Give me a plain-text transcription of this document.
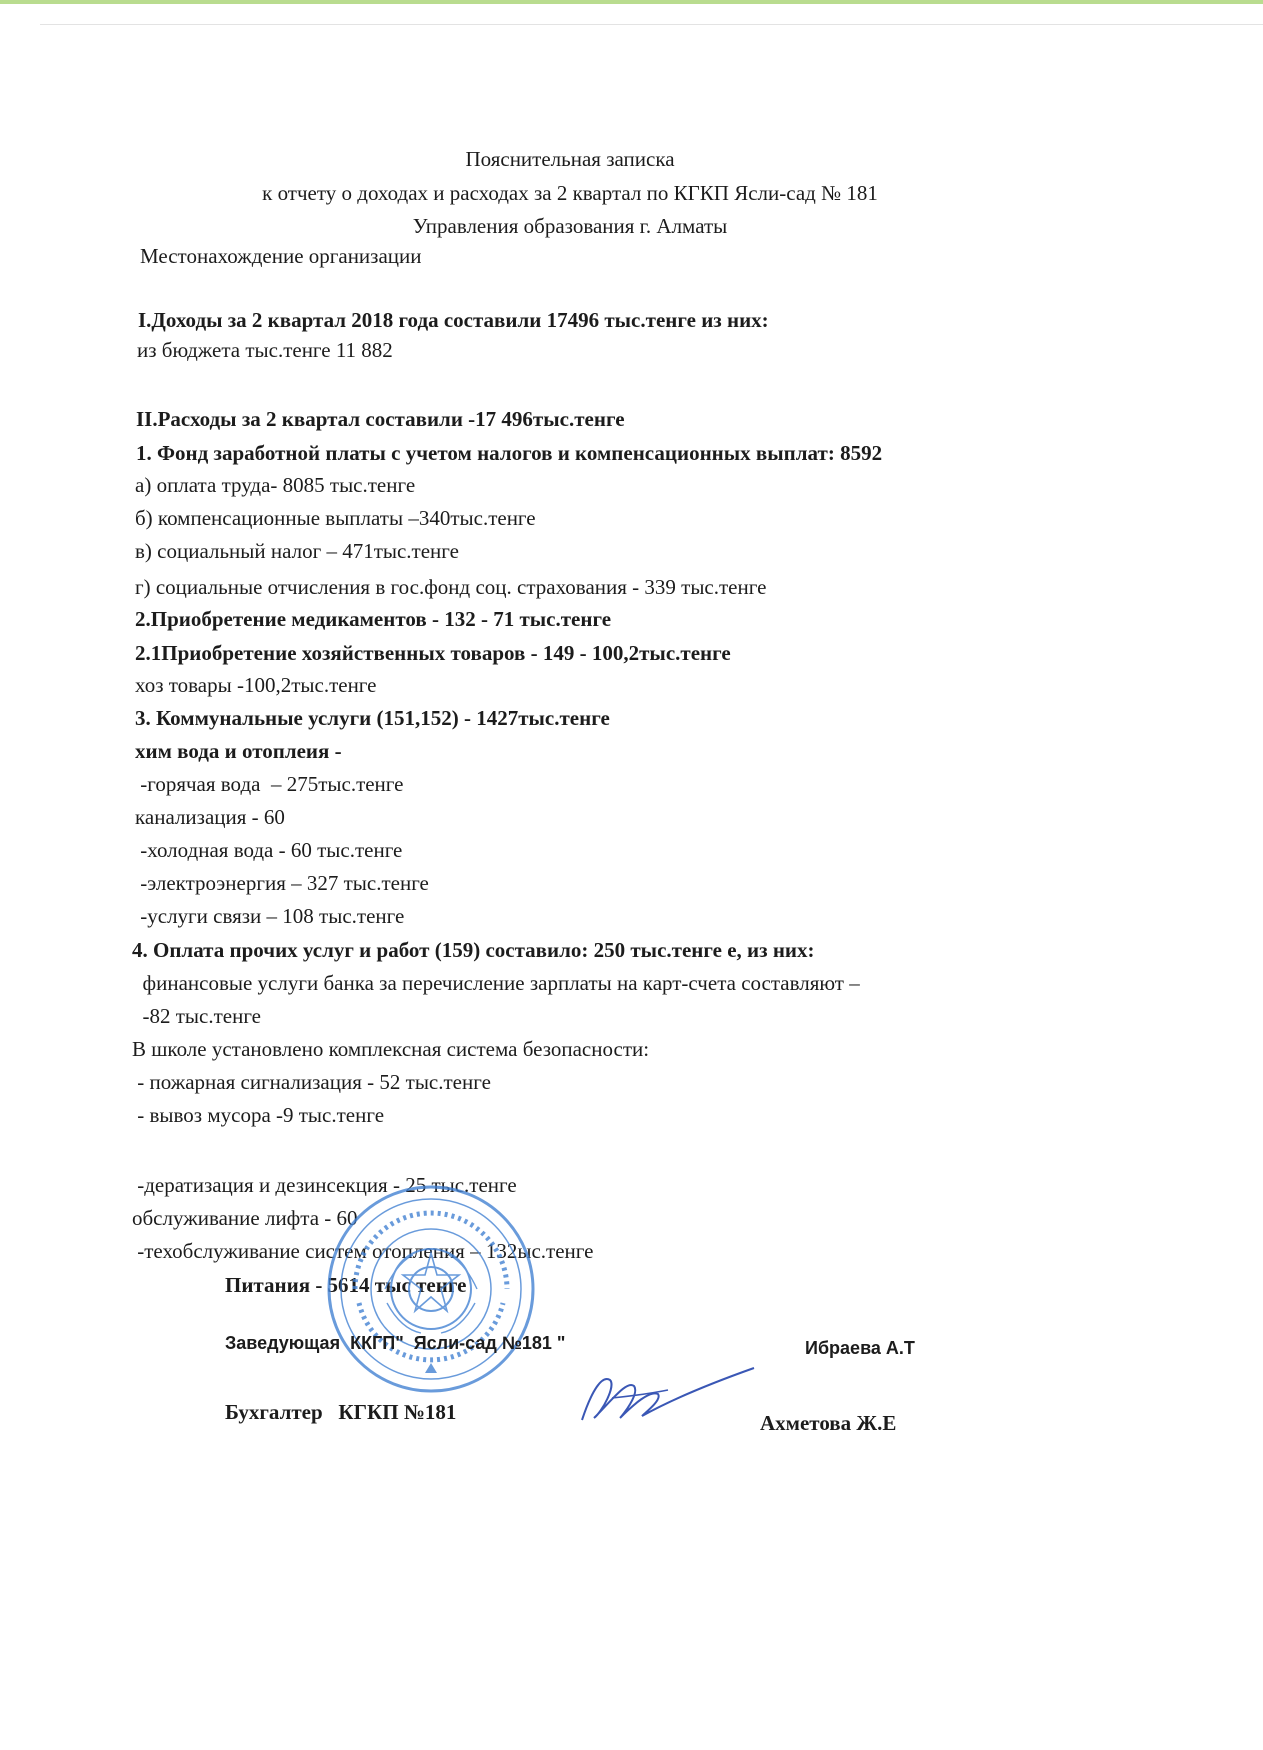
Пояснительная записка
к отчету о доходах и расходах за 2 квартал по КГКП Ясли-сад № 181
Управления образования г. Алматы
Местонахождение организации
I.Доходы за 2 квартал 2018 года составили 17496 тыс.тенге из них:
из бюджета тыс.тенге 11 882
II.Расходы за 2 квартал составили -17 496тыс.тенге
1. Фонд заработной платы с учетом налогов и компенсационных выплат: 8592
а) оплата труда- 8085 тыс.тенге
б) компенсационные выплаты –340тыс.тенге
в) социальный налог – 471тыс.тенге
г) социальные отчисления в гос.фонд соц. страхования - 339 тыс.тенге
2.Приобретение медикаментов - 132 - 71 тыс.тенге
2.1Приобретение хозяйственных товаров - 149 - 100,2тыс.тенге
хоз товары -100,2тыс.тенге
3. Коммунальные услуги (151,152) - 1427тыс.тенге
хим вода и отоплеия -
-горячая вода  – 275тыс.тенге
канализация - 60
-холодная вода - 60 тыс.тенге
-электроэнергия – 327 тыс.тенге
-услуги связи – 108 тыс.тенге
4. Оплата прочих услуг и работ (159) составило: 250 тыс.тенге е, из них:
финансовые услуги банка за перечисление зарплаты на карт-счета составляют –
-82 тыс.тенге
В школе установлено комплексная система безопасности:
- пожарная сигнализация - 52 тыс.тенге
- вывоз мусора -9 тыс.тенге
-дератизация и дезинсекция - 25 тыс.тенге
обслуживание лифта - 60
-техобслуживание систем отопления – 132ыс.тенге
Питания - 5614 тыс тенге
Заведующая  ККГП"  Ясли-сад №181 "	Ибраева А.Т
Бухгалтер   КГКП №181	Ахметова Ж.Е
